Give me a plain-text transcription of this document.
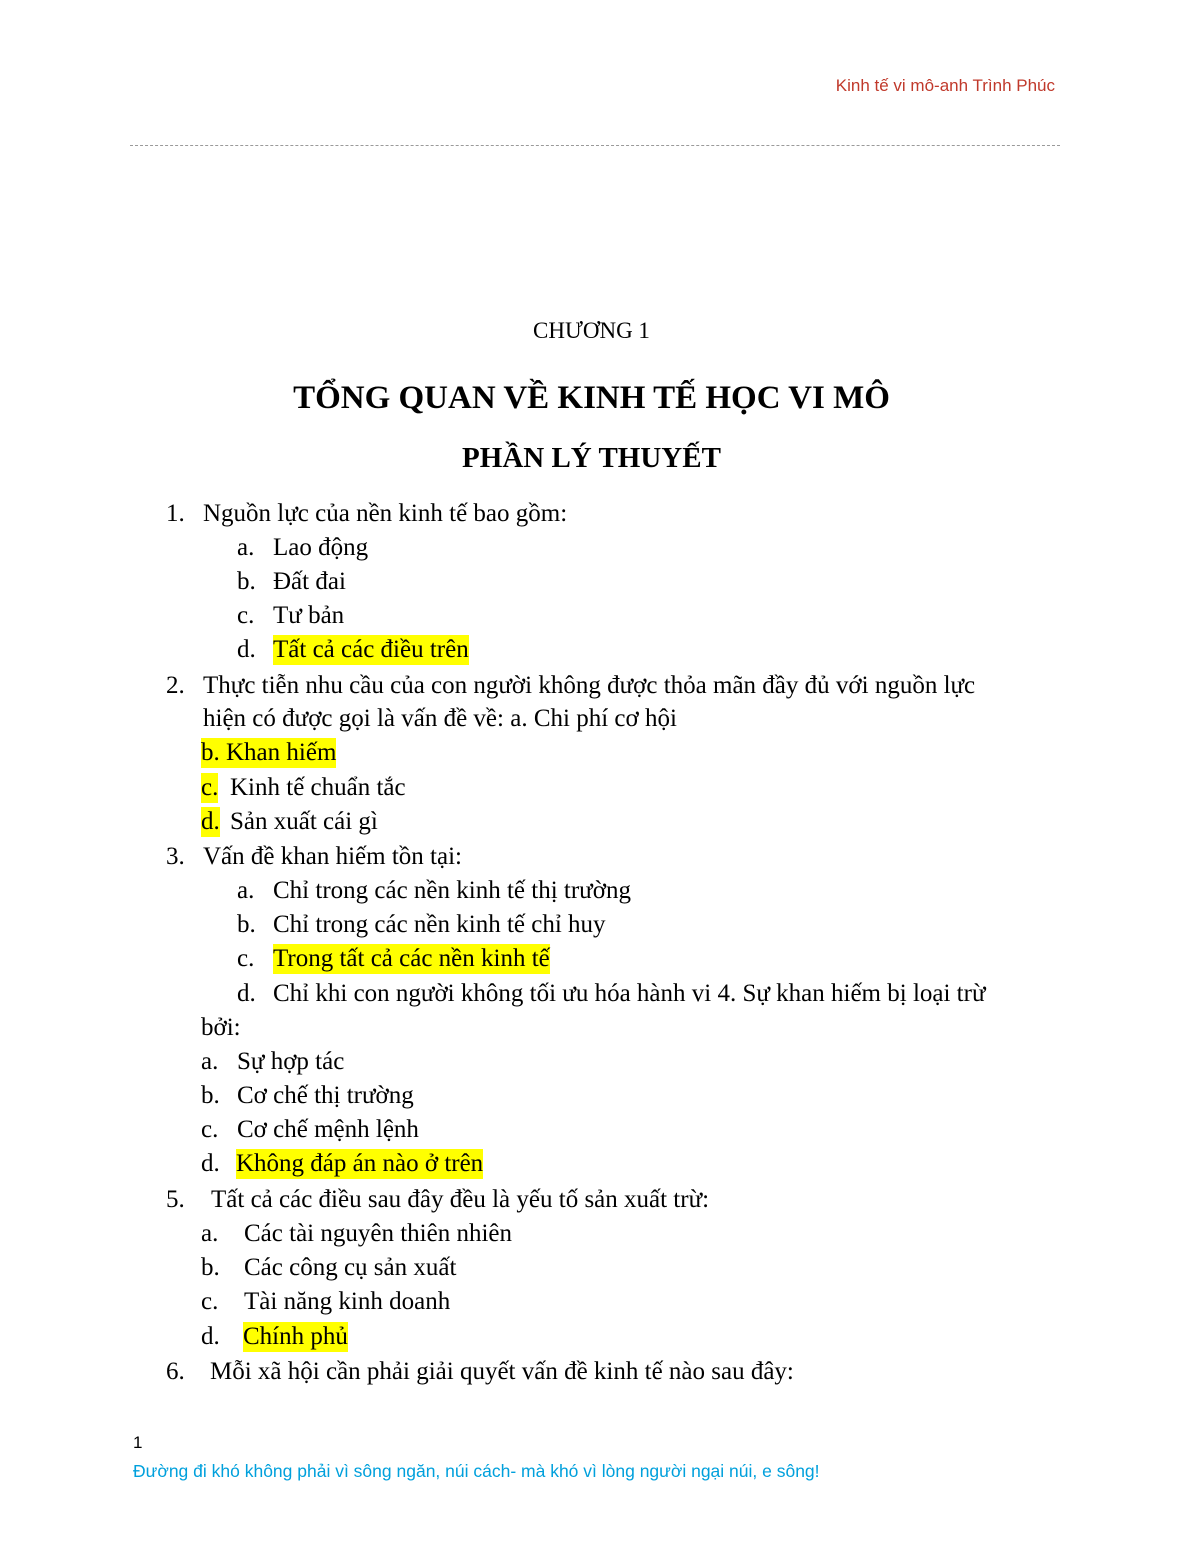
Kinh tế vi mô-anh Trình Phúc
CHƯƠNG 1
TỔNG QUAN VỀ KINH TẾ HỌC VI MÔ
PHẦN LÝ THUYẾT
1. Nguồn lực của nền kinh tế bao gồm:
a. Lao động
b. Đất đai
c. Tư bản
d. Tất cả các điều trên
2. Thực tiễn nhu cầu của con người không được thỏa mãn đầy đủ với nguồn lực
hiện có được gọi là vấn đề về: a. Chi phí cơ hội
b. Khan hiếm
c. Kinh tế chuẩn tắc
d. Sản xuất cái gì
3. Vấn đề khan hiếm tồn tại:
a. Chỉ trong các nền kinh tế thị trường
b. Chỉ trong các nền kinh tế chỉ huy
c. Trong tất cả các nền kinh tế
d. Chỉ khi con người không tối ưu hóa hành vi 4. Sự khan hiếm bị loại trừ
bởi:
a. Sự hợp tác
b. Cơ chế thị trường
c. Cơ chế mệnh lệnh
d. Không đáp án nào ở trên
5. Tất cả các điều sau đây đều là yếu tố sản xuất trừ:
a. Các tài nguyên thiên nhiên
b. Các công cụ sản xuất
c. Tài năng kinh doanh
d. Chính phủ
6. Mỗi xã hội cần phải giải quyết vấn đề kinh tế nào sau đây:
1
Đường đi khó không phải vì sông ngăn, núi cách- mà khó vì lòng người ngại núi, e sông!
